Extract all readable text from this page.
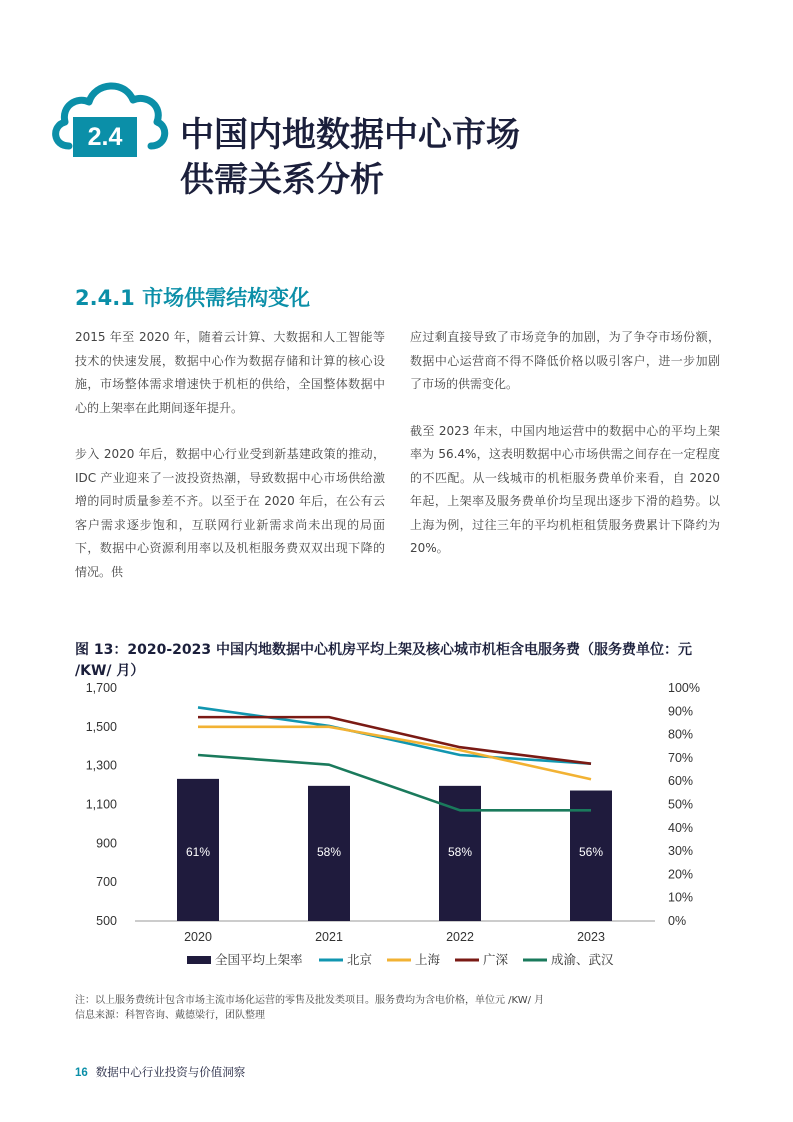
2.4	中国内地数据中心市场
供需关系分析
2.4.1 市场供需结构变化

2015 年至 2020 年，随着云计算、大数据和人工智能等技术的快速发展，数据中心作为数据存储和计算的核心设施，市场整体需求增速快于机柜的供给，全国整体数据中心的上架率在此期间逐年提升。

步入 2020 年后，数据中心行业受到新基建政策的推动，IDC 产业迎来了一波投资热潮，导致数据中心市场供给激增的同时质量参差不齐。以至于在 2020 年后，在公有云客户需求逐步饱和，互联网行业新需求尚未出现的局面下，数据中心资源利用率以及机柜服务费双双出现下降的情况。供

应过剩直接导致了市场竞争的加剧，为了争夺市场份额，数据中心运营商不得不降低价格以吸引客户，进一步加剧了市场的供需变化。

截至 2023 年末，中国内地运营中的数据中心的平均上架率为 56.4%，这表明数据中心市场供需之间存在一定程度的不匹配。从一线城市的机柜服务费单价来看，自 2020 年起，上架率及服务费单价均呈现出逐步下滑的趋势。以上海为例，过往三年的平均机柜租赁服务费累计下降约为 20%。

图 13：2020-2023 中国内地数据中心机房平均上架及核心城市机柜含电服务费（服务费单位：元 /KW/ 月）
500
700
900
1,100
1,300
1,500
1,700
0%
10%
20%
30%
40%
50%
60%
70%
80%
90%
100%
61%	58%	58%	56%
2020	2021	2022	2023
全国平均上架率	北京	上海	广深	成渝、武汉
注：以上服务费统计包含市场主流市场化运营的零售及批发类项目。服务费均为含电价格，单位元 /KW/ 月
信息来源：科智咨询、戴德梁行，团队整理
16 数据中心行业投资与价值洞察
